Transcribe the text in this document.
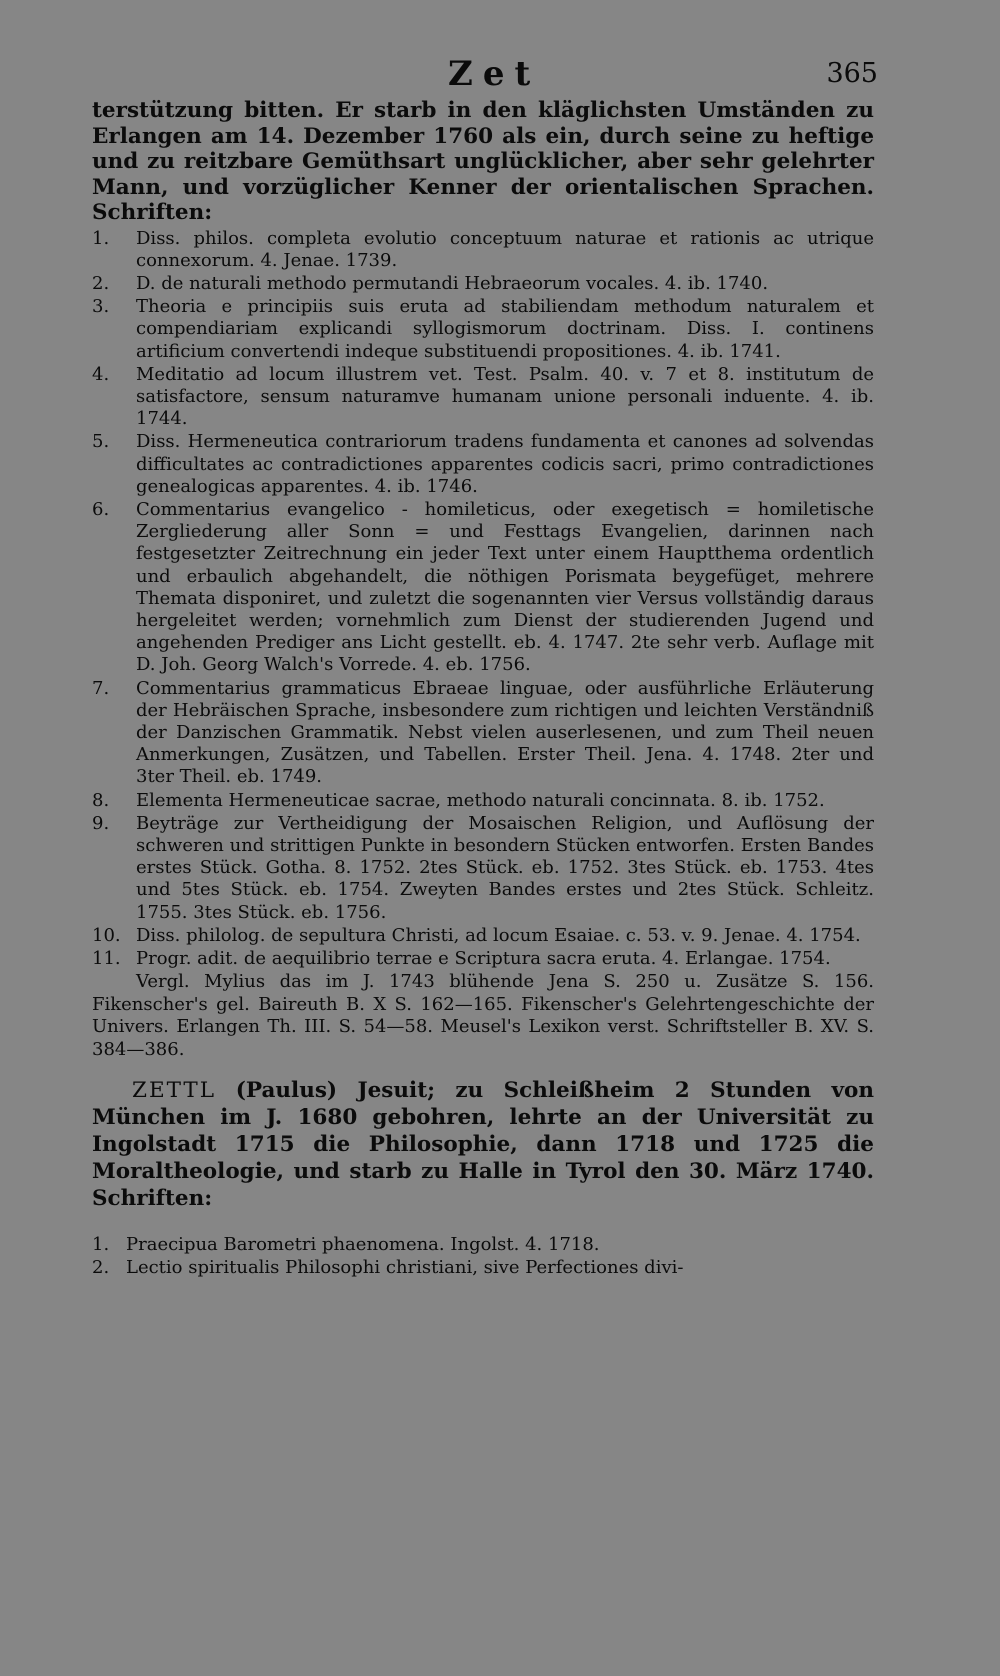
Zet	365

terstützung bitten. Er starb in den kläglichsten Umständen zu Erlangen am 14. Dezember 1760 als ein, durch seine zu heftige und zu reitzbare Gemüthsart unglücklicher, aber sehr gelehrter Mann, und vorzüglicher Kenner der orientalischen Sprachen. Schriften:

1.	Diss. philos. completa evolutio conceptuum naturae et rationis ac utrique connexorum. 4. Jenae. 1739.
2.	D. de naturali methodo permutandi Hebraeorum vocales. 4. ib. 1740.
3.	Theoria e principiis suis eruta ad stabiliendam methodum naturalem et compendiariam explicandi syllogismorum doctrinam. Diss. I. continens artificium convertendi indeque substituendi propositiones. 4. ib. 1741.
4.	Meditatio ad locum illustrem vet. Test. Psalm. 40. v. 7 et 8. institutum de satisfactore, sensum naturamve humanam unione personali induente. 4. ib. 1744.
5.	Diss. Hermeneutica contrariorum tradens fundamenta et canones ad solvendas difficultates ac contradictiones apparentes codicis sacri, primo contradictiones genealogicas apparentes. 4. ib. 1746.
6.	Commentarius evangelico - homileticus, oder exegetisch = homiletische Zergliederung aller Sonn = und Festtags Evangelien, darinnen nach festgesetzter Zeitrechnung ein jeder Text unter einem Hauptthema ordentlich und erbaulich abgehandelt, die nöthigen Porismata beygefüget, mehrere Themata disponiret, und zuletzt die sogenannten vier Versus vollständig daraus hergeleitet werden; vornehmlich zum Dienst der studierenden Jugend und angehenden Prediger ans Licht gestellt. eb. 4. 1747. 2te sehr verb. Auflage mit D. Joh. Georg Walch's Vorrede. 4. eb. 1756.
7.	Commentarius grammaticus Ebraeae linguae, oder ausführliche Erläuterung der Hebräischen Sprache, insbesondere zum richtigen und leichten Verständniß der Danzischen Grammatik. Nebst vielen auserlesenen, und zum Theil neuen Anmerkungen, Zusätzen, und Tabellen. Erster Theil. Jena. 4. 1748. 2ter und 3ter Theil. eb. 1749.
8.	Elementa Hermeneuticae sacrae, methodo naturali concinnata. 8. ib. 1752.
9.	Beyträge zur Vertheidigung der Mosaischen Religion, und Auflösung der schweren und strittigen Punkte in besondern Stücken entworfen. Ersten Bandes erstes Stück. Gotha. 8. 1752. 2tes Stück. eb. 1752. 3tes Stück. eb. 1753. 4tes und 5tes Stück. eb. 1754. Zweyten Bandes erstes und 2tes Stück. Schleitz. 1755. 3tes Stück. eb. 1756.
10. Diss. philolog. de sepultura Christi, ad locum Esaiae. c. 53. v. 9. Jenae. 4. 1754.
11. Progr. adit. de aequilibrio terrae e Scriptura sacra eruta. 4. Erlangae. 1754.

Vergl. Mylius das im J. 1743 blühende Jena S. 250 u. Zusätze S. 156. Fikenscher's gel. Baireuth B. X S. 162—165. Fikenscher's Gelehrtengeschichte der Univers. Erlangen Th. III. S. 54—58. Meusel's Lexikon verst. Schriftsteller B. XV. S. 384—386.

ZETTL (Paulus) Jesuit; zu Schleißheim 2 Stunden von München im J. 1680 gebohren, lehrte an der Universität zu Ingolstadt 1715 die Philosophie, dann 1718 und 1725 die Moraltheologie, und starb zu Halle in Tyrol den 30. März 1740. Schriften:

1. Praecipua Barometri phaenomena. Ingolst. 4. 1718.
2. Lectio spiritualis Philosophi christiani, sive Perfectiones divi-
